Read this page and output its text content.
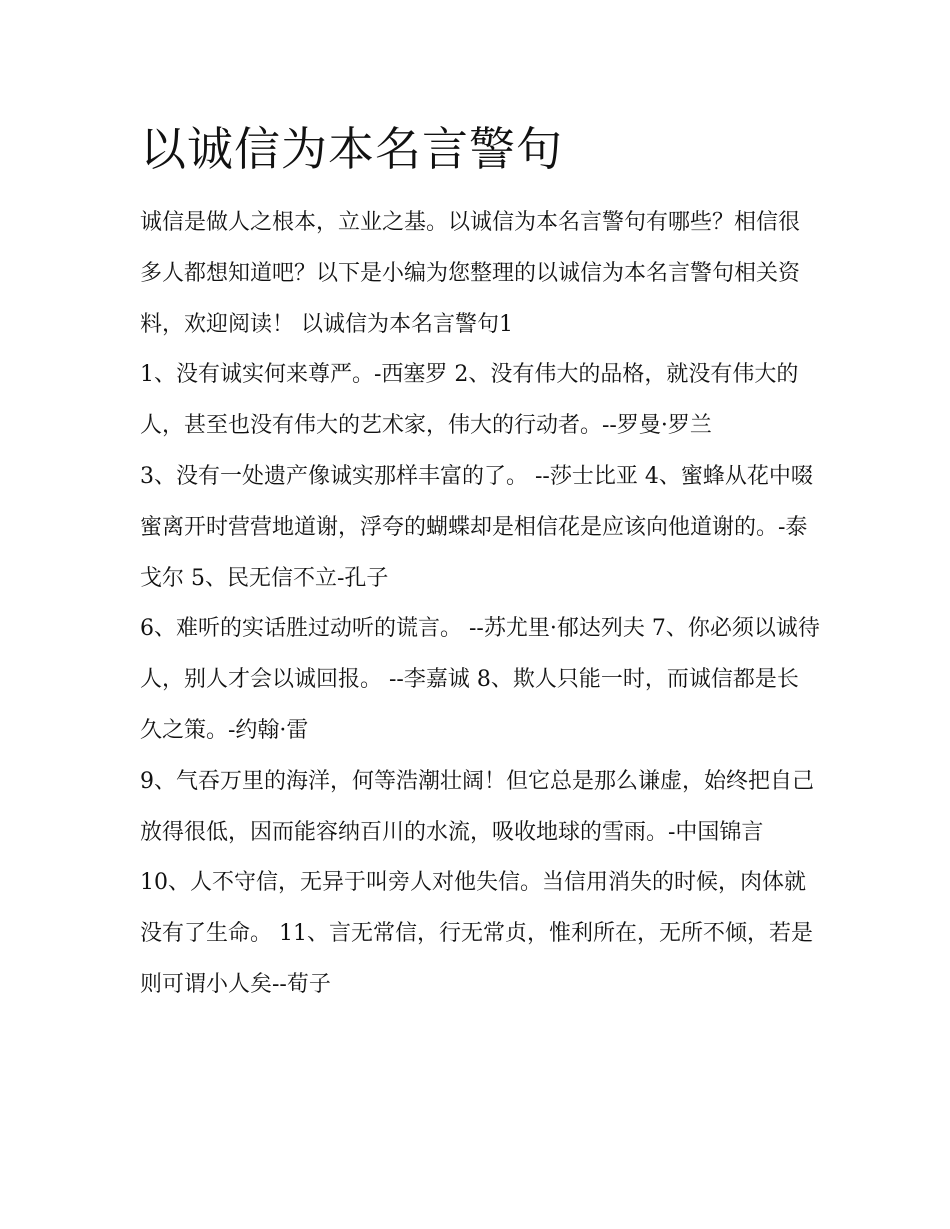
以诚信为本名言警句

诚信是做人之根本，立业之基。以诚信为本名言警句有哪些？相信很多人都想知道吧？以下是小编为您整理的以诚信为本名言警句相关资料，欢迎阅读！ 以诚信为本名言警句1

1、没有诚实何来尊严。-西塞罗 2、没有伟大的品格，就没有伟大的人，甚至也没有伟大的艺术家，伟大的行动者。--罗曼·罗兰

3、没有一处遗产像诚实那样丰富的了。 --莎士比亚 4、蜜蜂从花中啜蜜离开时营营地道谢，浮夸的蝴蝶却是相信花是应该向他道谢的。-泰戈尔 5、民无信不立-孔子

6、难听的实话胜过动听的谎言。 --苏尤里·郁达列夫 7、你必须以诚待人，别人才会以诚回报。 --李嘉诚 8、欺人只能一时，而诚信都是长久之策。-约翰·雷

9、气吞万里的海洋，何等浩潮壮阔！但它总是那么谦虚，始终把自己放得很低，因而能容纳百川的水流，吸收地球的雪雨。-中国锦言

10、人不守信，无异于叫旁人对他失信。当信用消失的时候，肉体就没有了生命。 11、言无常信，行无常贞，惟利所在，无所不倾，若是则可谓小人矣--荀子
